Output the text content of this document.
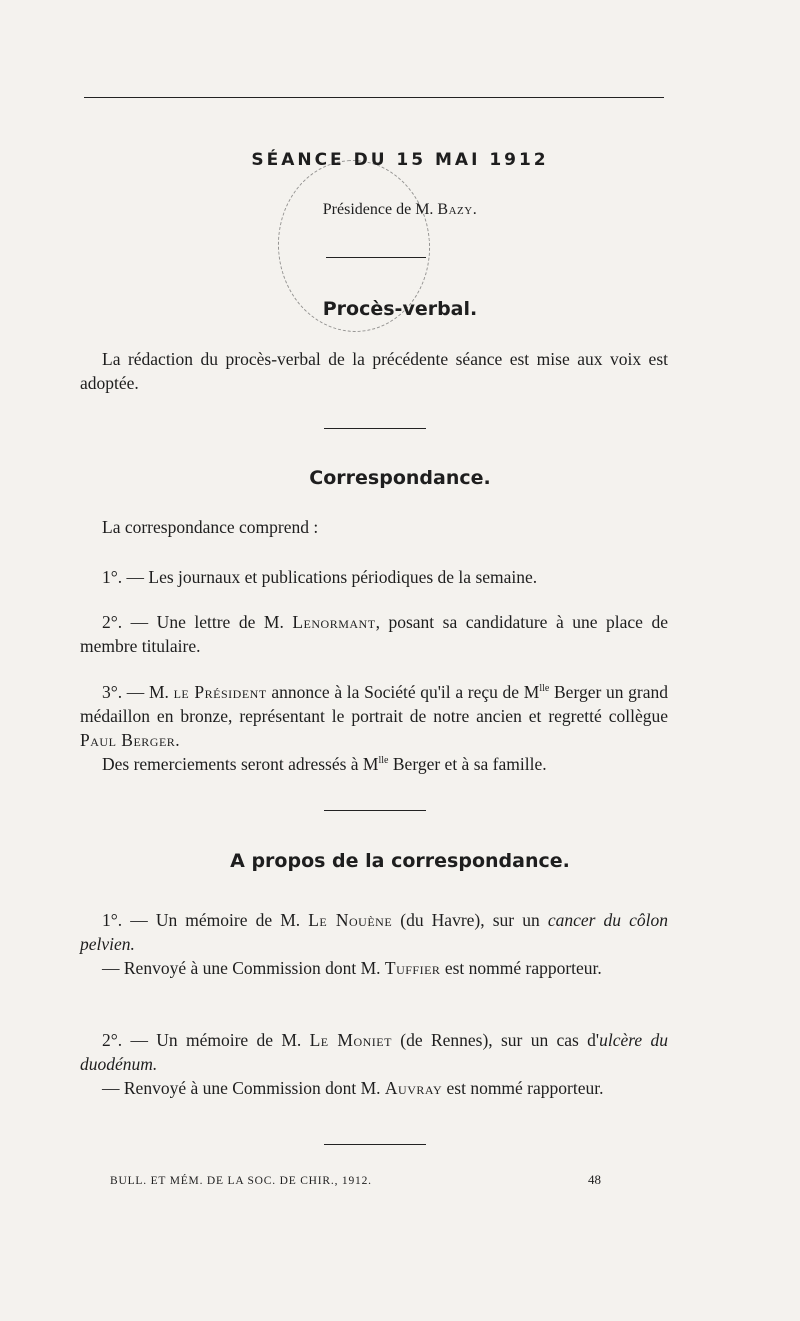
SÉANCE DU 15 MAI 1912
Présidence de M. Bazy.
Procès-verbal.

La rédaction du procès-verbal de la précédente séance est mise aux voix est adoptée.

Correspondance.

La correspondance comprend :

1°. — Les journaux et publications périodiques de la semaine.

2°. — Une lettre de M. Lenormant, posant sa candidature à une place de membre titulaire.

3°. — M. le Président annonce à la Société qu'il a reçu de $M^{lle}$ Berger un grand médaillon en bronze, représentant le portrait de notre ancien et regretté collègue Paul Berger.

Des remerciements seront adressés à $M^{lle}$ Berger et à sa famille.

A propos de la correspondance.

1°. — Un mémoire de M. Le Nouène (du Havre), sur un cancer du côlon pelvien.

— Renvoyé à une Commission dont M. Tuffier est nommé rapporteur.

2°. — Un mémoire de M. Le Moniet (de Rennes), sur un cas d'ulcère du duodénum.

— Renvoyé à une Commission dont M. Auvray est nommé rapporteur.

BULL. ET MÉM. DE LA SOC. DE CHIR., 1912.	48
